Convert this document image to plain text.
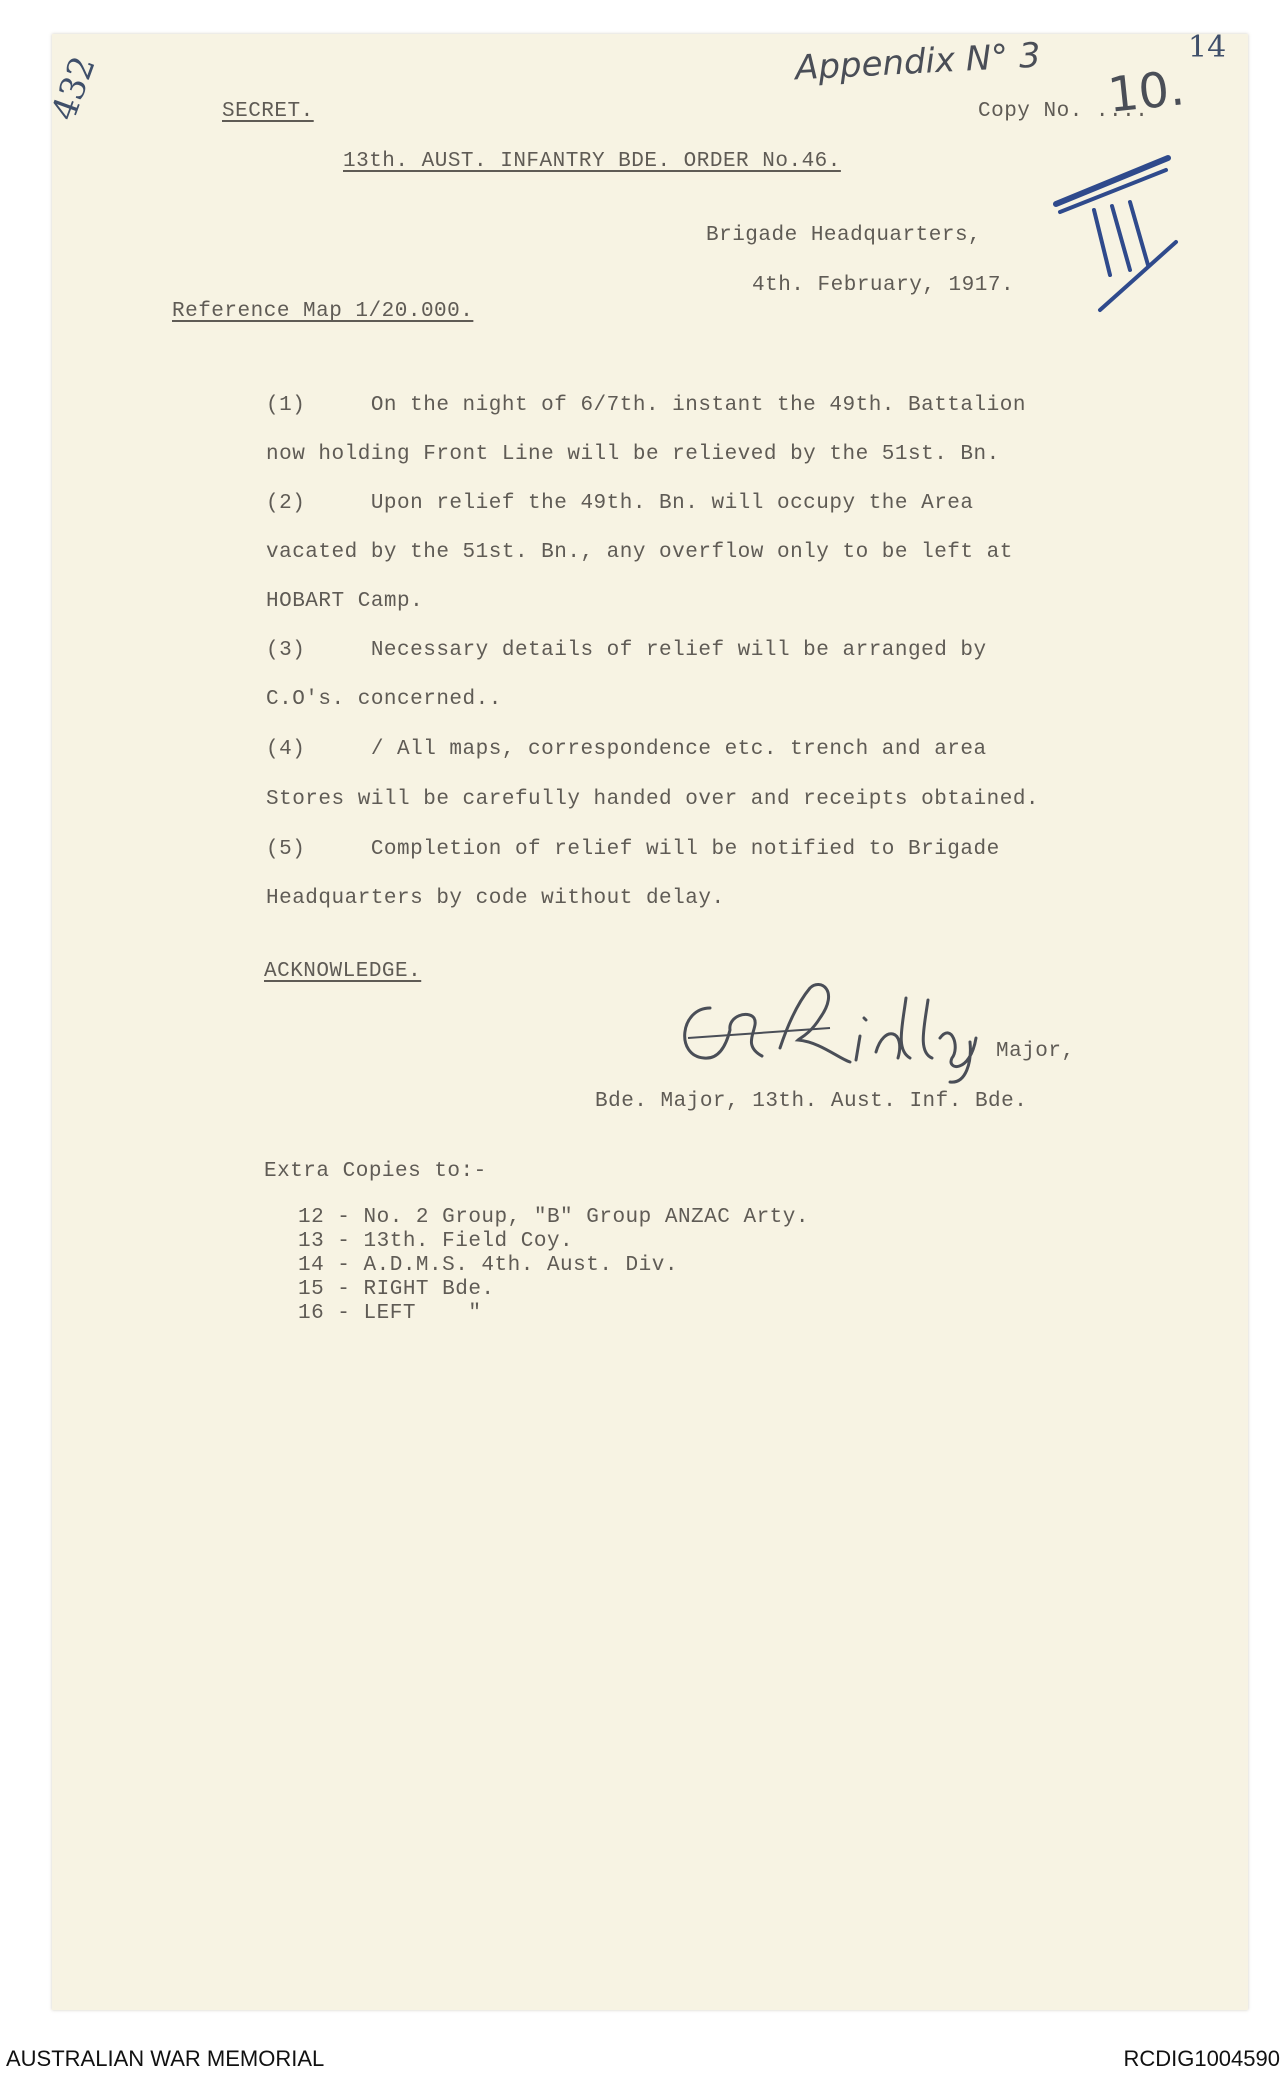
432	Appendix N° 3	14
SECRET.	Copy No. ....
10.
13th. AUST. INFANTRY BDE. ORDER No.46.
Brigade Headquarters,
4th. February, 1917.
Reference Map 1/20.000.
(1)     On the night of 6/7th. instant the 49th. Battalion
now holding Front Line will be relieved by the 51st. Bn.
(2)     Upon relief the 49th. Bn. will occupy the Area
vacated by the 51st. Bn., any overflow only to be left at
HOBART Camp.
(3)     Necessary details of relief will be arranged by
C.O's. concerned..
(4)     / All maps, correspondence etc. trench and area
Stores will be carefully handed over and receipts obtained.
(5)     Completion of relief will be notified to Brigade
Headquarters by code without delay.
ACKNOWLEDGE.
Major,
Bde. Major, 13th. Aust. Inf. Bde.
Extra Copies to:-
12 - No. 2 Group, "B" Group ANZAC Arty.
13 - 13th. Field Coy.
14 - A.D.M.S. 4th. Aust. Div.
15 - RIGHT Bde.
16 - LEFT    "
AUSTRALIAN WAR MEMORIAL	RCDIG1004590
